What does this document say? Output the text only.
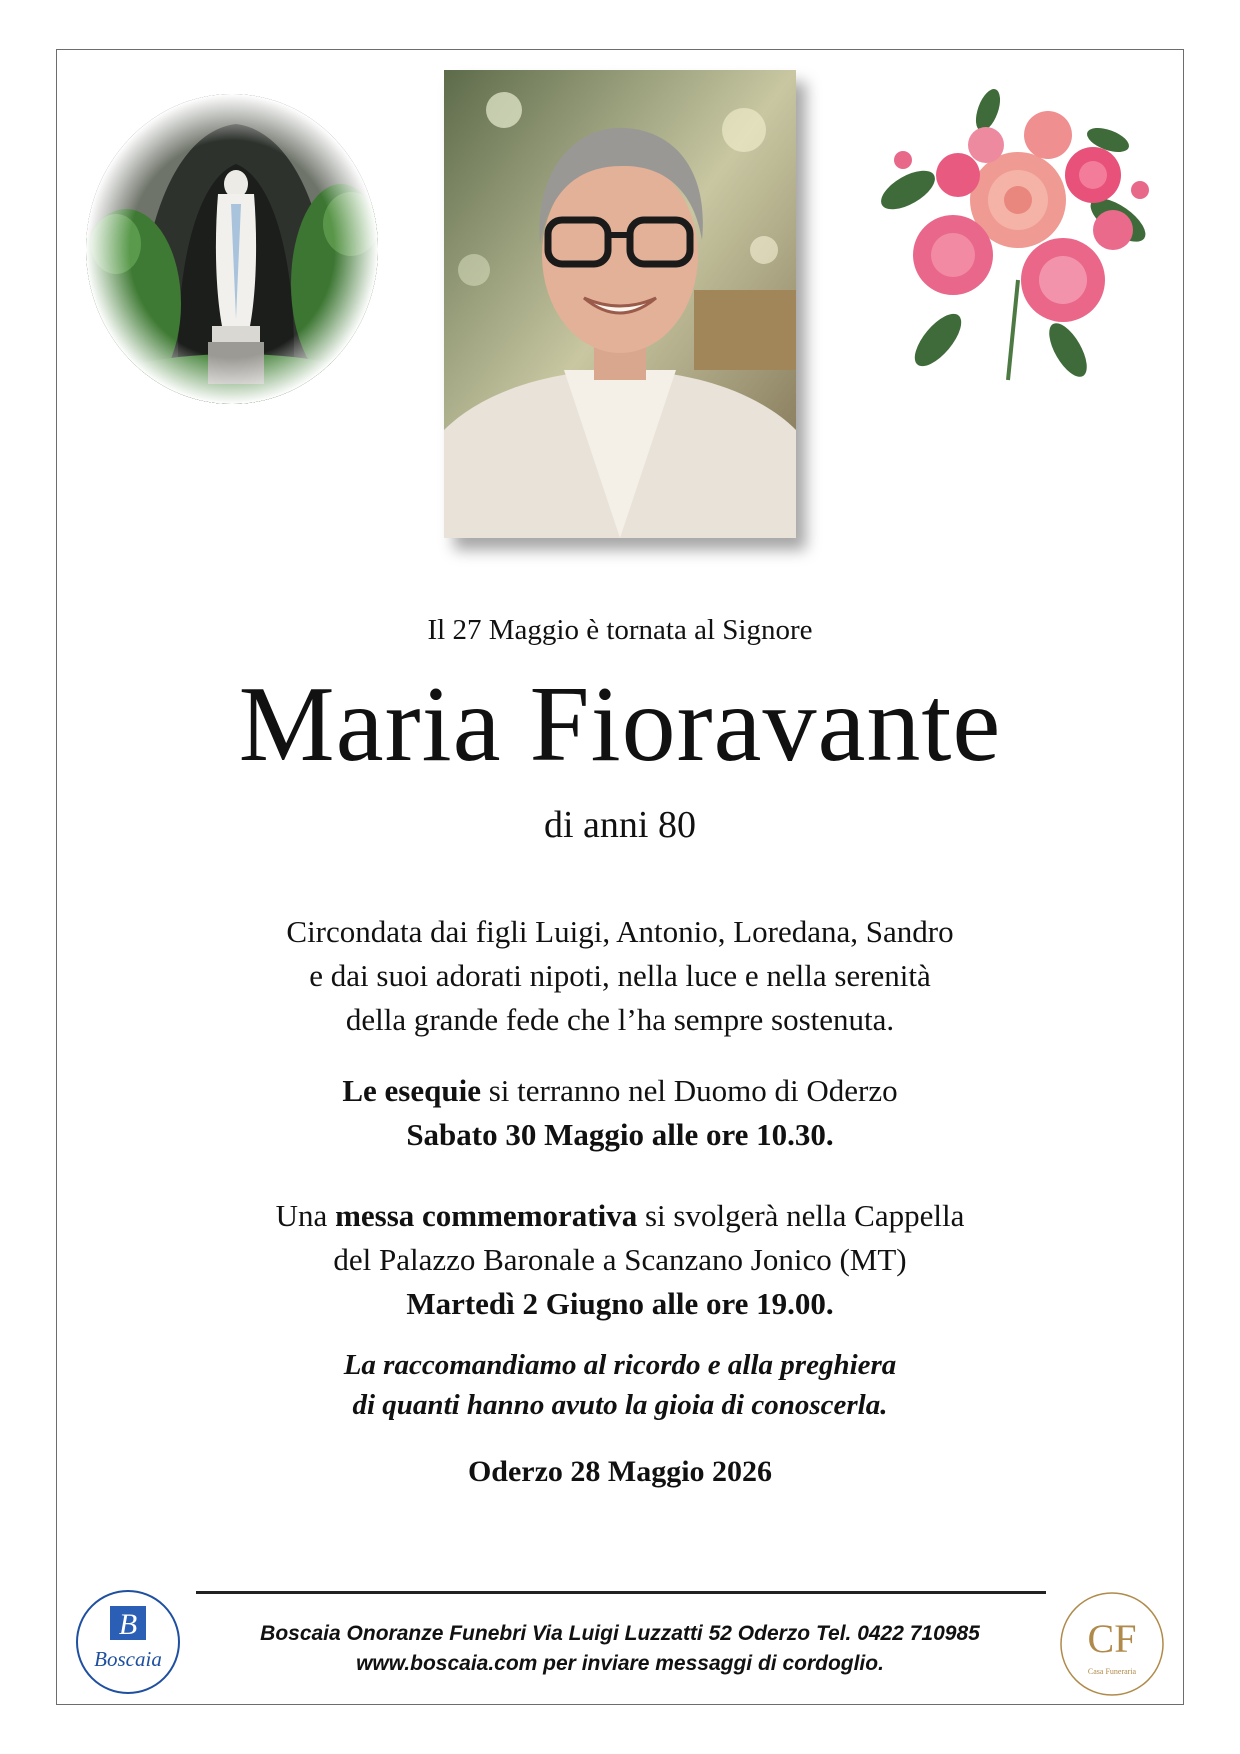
Il 27 Maggio è tornata al Signore
Maria Fioravante
di anni 80
Circondata dai figli Luigi, Antonio, Loredana, Sandro
e dai suoi adorati nipoti, nella luce e nella serenità
della grande fede che l’ha sempre sostenuta.
Le esequie si terranno nel Duomo di Oderzo
Sabato 30 Maggio alle ore 10.30.
Una messa commemorativa si svolgerà nella Cappella
del Palazzo Baronale a Scanzano Jonico (MT)
Martedì 2 Giugno alle ore 19.00.
La raccomandiamo al ricordo e alla preghiera
di quanti hanno avuto la gioia di conoscerla.
Oderzo 28 Maggio 2026
B
Boscaia	CF
Casa Funeraria
Boscaia Onoranze Funebri Via Luigi Luzzatti 52 Oderzo Tel. 0422 710985
www.boscaia.com per inviare messaggi di cordoglio.
